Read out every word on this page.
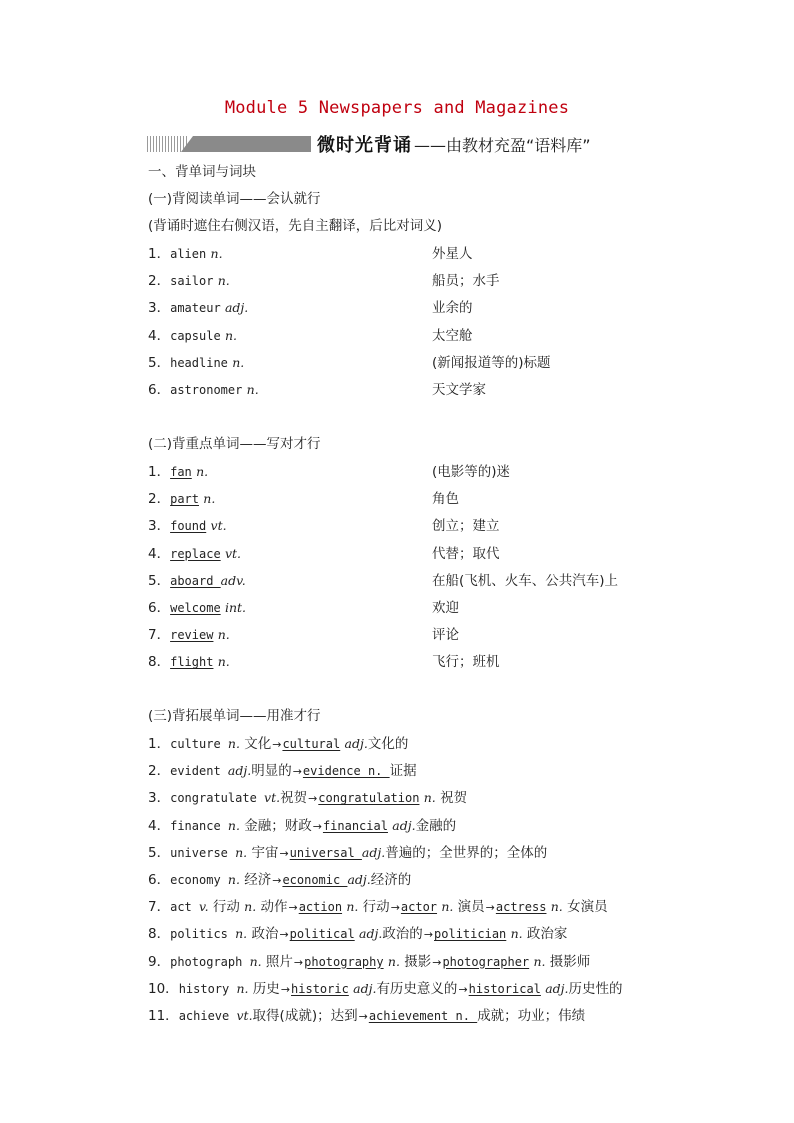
Module 5 Newspapers and Magazines
微时光背诵 ——由教材充盈“语料库”
一、背单词与词块
(一)背阅读单词——会认就行
(背诵时遮住右侧汉语，先自主翻译，后比对词义)
1．alien n.	外星人
2．sailor n.	船员；水手
3．amateur adj.	业余的
4．capsule n.	太空舱
5．headline n.	(新闻报道等的)标题
6．astronomer n.	天文学家
(二)背重点单词——写对才行
1．fan n.	(电影等的)迷
2．part n.	角色
3．found vt.	创立；建立
4．replace vt.	代替；取代
5．aboard adv.	在船(飞机、火车、公共汽车)上
6．welcome int.	欢迎
7．review n.	评论
8．flight n.	飞行；班机
(三)背拓展单词——用准才行
1．culture n. 文化→cultural adj.文化的
2．evident adj.明显的→evidence n. 证据
3．congratulate vt.祝贺→congratulation n. 祝贺
4．finance n. 金融；财政→financial adj.金融的
5．universe n. 宇宙→universal adj.普遍的；全世界的；全体的
6．economy n. 经济→economic adj.经济的
7．act v. 行动 n. 动作→action n. 行动→actor n. 演员→actress n. 女演员
8．politics n. 政治→political adj.政治的→politician n. 政治家
9．photograph n. 照片→photography n. 摄影→photographer n. 摄影师
10．history n. 历史→historic adj.有历史意义的→historical adj.历史性的
11．achieve vt.取得(成就)；达到→achievement n. 成就；功业；伟绩
